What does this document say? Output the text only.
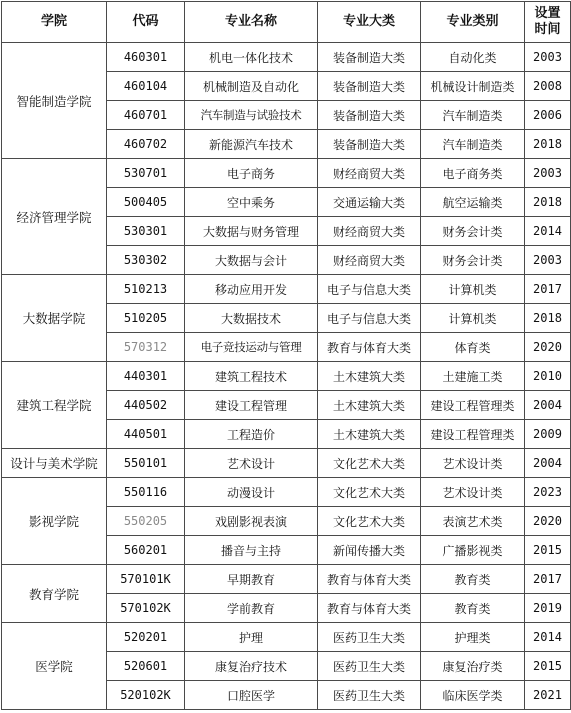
学院	代码	专业名称	专业大类	专业类别	设置
时间
智能制造学院	460301	机电一体化技术	装备制造大类	自动化类	2003
	460104	机械制造及自动化	装备制造大类	机械设计制造类	2008
	460701	汽车制造与试验技术	装备制造大类	汽车制造类	2006
	460702	新能源汽车技术	装备制造大类	汽车制造类	2018
经济管理学院	530701	电子商务	财经商贸大类	电子商务类	2003
	500405	空中乘务	交通运输大类	航空运输类	2018
	530301	大数据与财务管理	财经商贸大类	财务会计类	2014
	530302	大数据与会计	财经商贸大类	财务会计类	2003
大数据学院	510213	移动应用开发	电子与信息大类	计算机类	2017
	510205	大数据技术	电子与信息大类	计算机类	2018
	570312	电子竞技运动与管理	教育与体育大类	体育类	2020
建筑工程学院	440301	建筑工程技术	土木建筑大类	土建施工类	2010
	440502	建设工程管理	土木建筑大类	建设工程管理类	2004
	440501	工程造价	土木建筑大类	建设工程管理类	2009
设计与美术学院	550101	艺术设计	文化艺术大类	艺术设计类	2004
影视学院	550116	动漫设计	文化艺术大类	艺术设计类	2023
	550205	戏剧影视表演	文化艺术大类	表演艺术类	2020
	560201	播音与主持	新闻传播大类	广播影视类	2015
教育学院	570101K	早期教育	教育与体育大类	教育类	2017
	570102K	学前教育	教育与体育大类	教育类	2019
医学院	520201	护理	医药卫生大类	护理类	2014
	520601	康复治疗技术	医药卫生大类	康复治疗类	2015
	520102K	口腔医学	医药卫生大类	临床医学类	2021
